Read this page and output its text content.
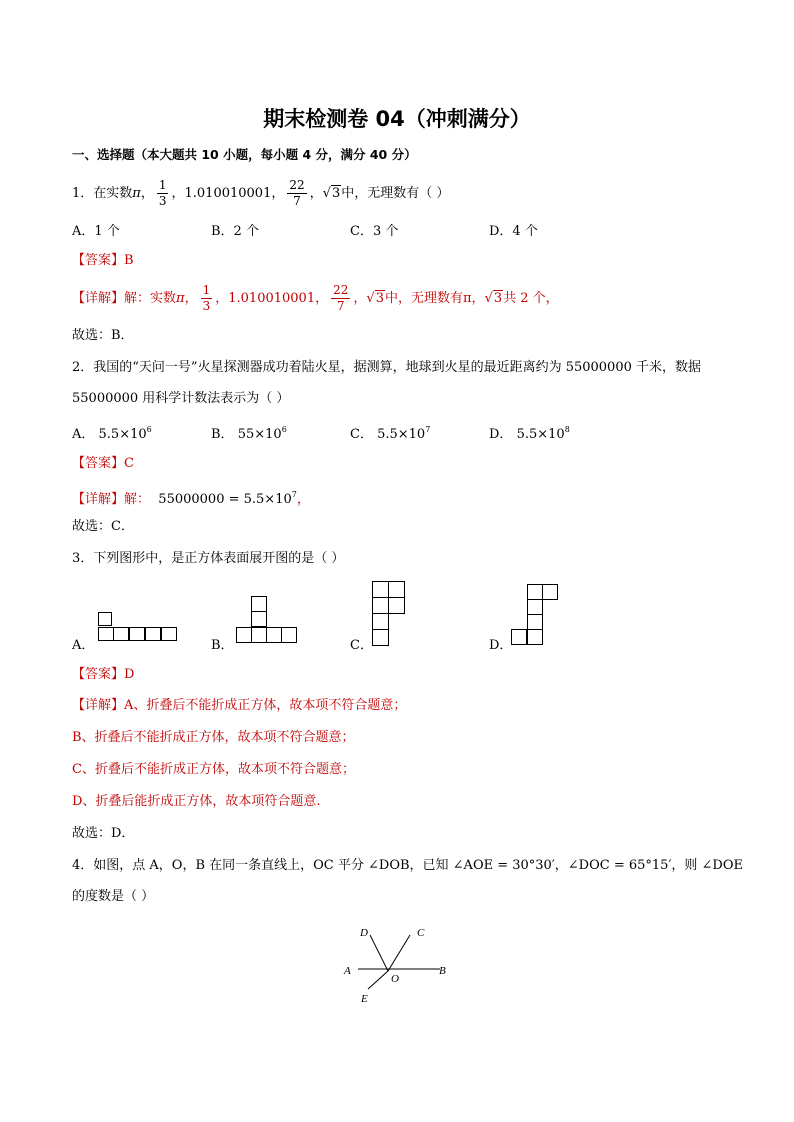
期末检测卷 04（冲刺满分）
一、选择题（本大题共 10 小题，每小题 4 分，满分 40 分）
1．在实数π， $\frac{1}{3}$ ，1.010010001， $\frac{22}{7}$ ，√3中，无理数有（ ）
A．1 个	B．2 个	C．3 个	D．4 个
【答案】B
【详解】解：实数π， $\frac{1}{3}$ ，1.010010001， $\frac{22}{7}$ ，√3中，无理数有π，√3共 2 个，
故选：B．
2．我国的“天问一号”火星探测器成功着陆火星，据测算，地球到火星的最近距离约为 55000000 千米，数据
55000000 用科学计数法表示为（ ）
A． $5.5\times 10^6$	B． $55\times 10^6$	C． $5.5\times 10^7$	D． $5.5\times 10^8$
【答案】C
【详解】解： $55000000 = 5.5\times 10^7$，
故选：C．
3．下列图形中，是正方体表面展开图的是（ ）
A．	B．	C．	D．
【答案】D
【详解】A、折叠后不能折成正方体，故本项不符合题意；
B、折叠后不能折成正方体，故本项不符合题意；
C、折叠后不能折成正方体，故本项不符合题意；
D、折叠后能折成正方体，故本项符合题意.
故选：D．
4．如图，点 A，O，B 在同一条直线上，OC 平分 ∠DOB，已知 ∠AOE = 30°30′，∠DOC = 65°15′，则 ∠DOE
的度数是（ ）
D	C
A
O
B
E
